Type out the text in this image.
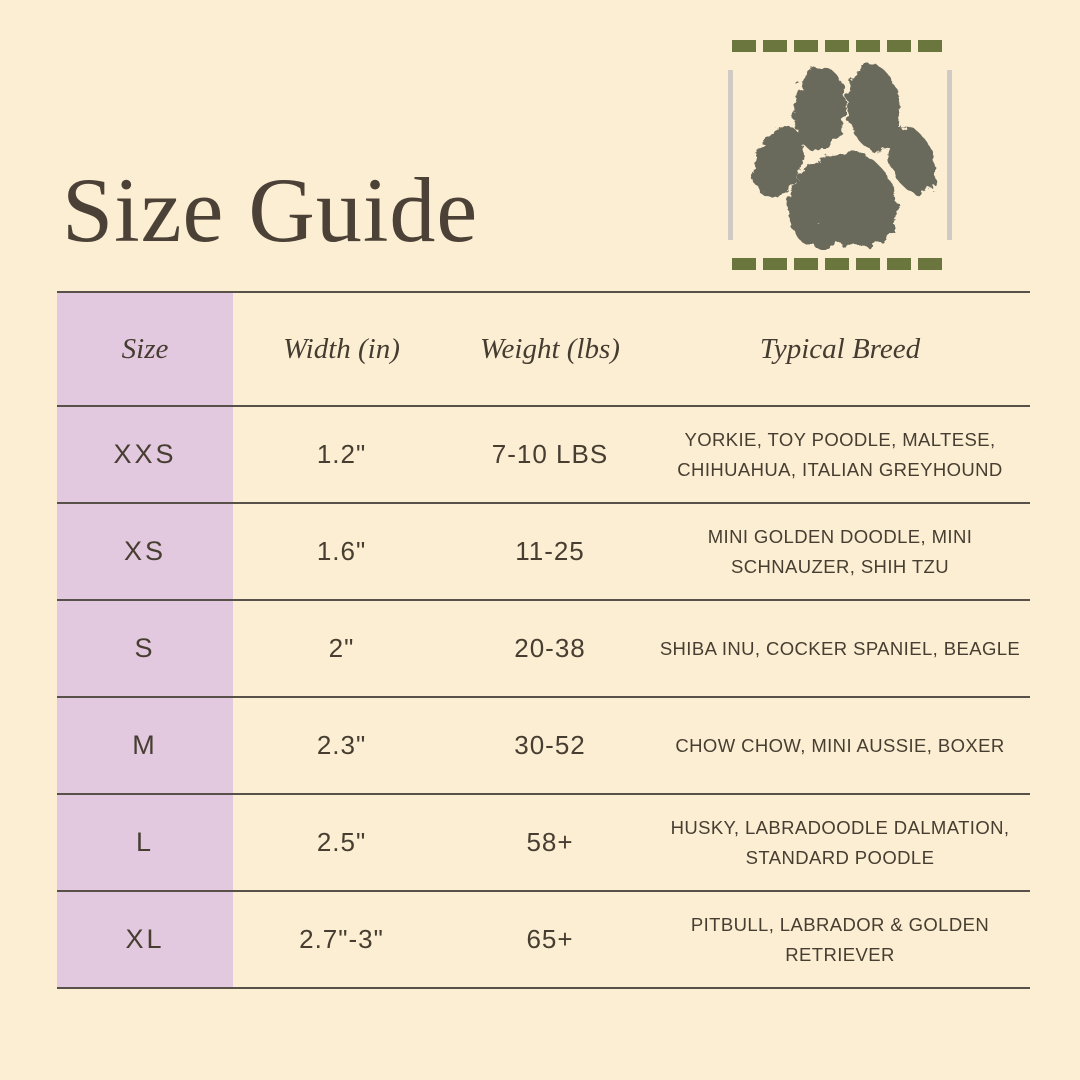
Size Guide
Size	Width (in)	Weight (lbs)	Typical Breed
XXS	1.2"	7-10 LBS	YORKIE, TOY POODLE, MALTESE, CHIHUAHUA, ITALIAN GREYHOUND
XS	1.6"	11-25	MINI GOLDEN DOODLE, MINI SCHNAUZER, SHIH TZU
S	2"	20-38	SHIBA INU, COCKER SPANIEL, BEAGLE
M	2.3"	30-52	CHOW CHOW, MINI AUSSIE, BOXER
L	2.5"	58+	HUSKY, LABRADOODLE DALMATION, STANDARD POODLE
XL	2.7"-3"	65+	PITBULL, LABRADOR & GOLDEN RETRIEVER
